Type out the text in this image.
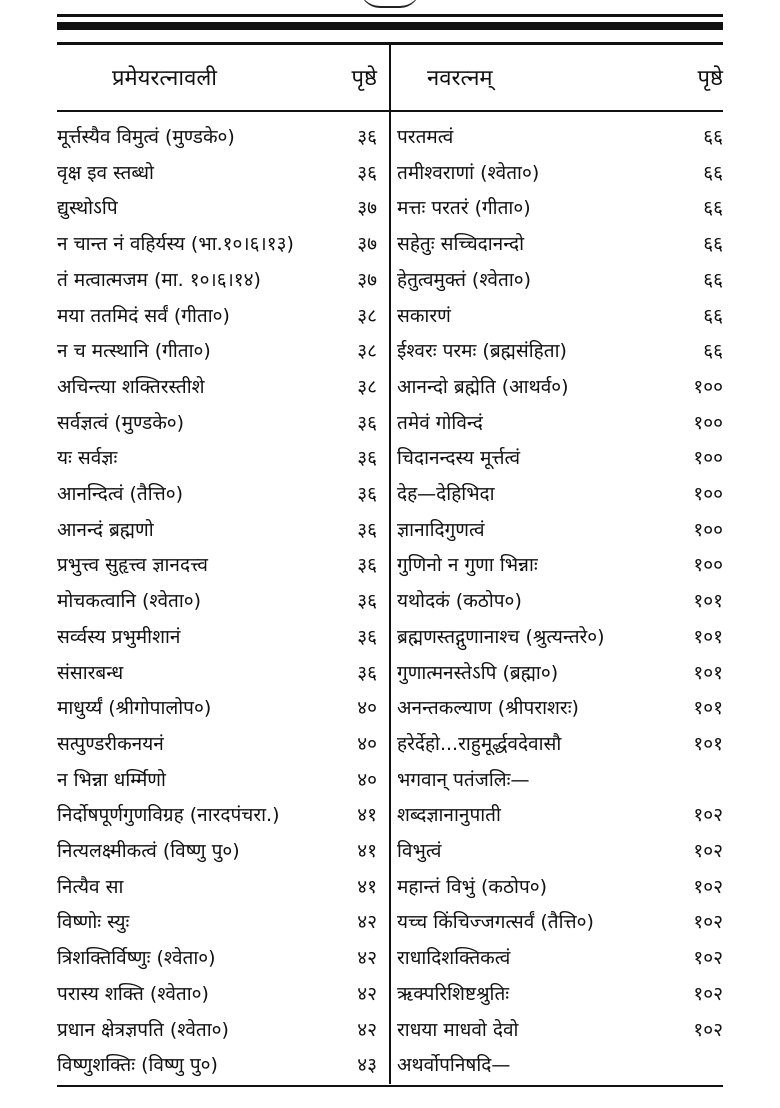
प्रमेयरत्नावली	पृष्ठे	नवरत्नम्	पृष्ठे
मूर्त्तस्यैव विमुत्वं (मुण्डके०)	३६ परतमत्वं	६६
वृक्ष इव स्तब्धो	३६ तमीश्वराणां (श्वेता०)	६६
द्युस्थोऽपि	३७ मत्तः परतरं (गीता०)	६६
न चान्त नं वहिर्यस्य (भा.१०।६।१३)	३७ सहेतुः सच्चिदानन्दो	६६
तं मत्वात्मजम (मा. १०।६।१४)	३७ हेतुत्वमुक्तं (श्वेता०)	६६
मया ततमिदं सर्वं (गीता०)	३८ सकारणं	६६
न च मत्स्थानि (गीता०)	३८ ईश्वरः परमः (ब्रह्मसंहिता)	६६
अचिन्त्या शक्तिरस्तीशे	३८ आनन्दो ब्रह्मेति (आथर्व०)	१००
सर्वज्ञत्वं (मुण्डके०)	३६ तमेवं गोविन्दं	१००
यः सर्वज्ञः	३६ चिदानन्दस्य मूर्त्तत्वं	१००
आनन्दित्वं (तैत्ति०)	३६ देह—देहिभिदा	१००
आनन्दं ब्रह्मणो	३६ ज्ञानादिगुणत्वं	१००
प्रभुत्त्व सुहृत्त्व ज्ञानदत्त्व	३६ गुणिनो न गुणा भिन्नाः	१००
मोचकत्वानि (श्वेता०)	३६ यथोदकं (कठोप०)	१०१
सर्व्वस्य प्रभुमीशानं	३६ ब्रह्मणस्तद्गुणानाश्च (श्रुत्यन्तरे०)	१०१
संसारबन्ध	३६ गुणात्मनस्तेऽपि (ब्रह्मा०)	१०१
माधुर्य्यं (श्रीगोपालोप०)	४० अनन्तकल्याण (श्रीपराशरः)	१०१
सत्पुण्डरीकनयनं	४० हरेर्देहो...राहुमूर्द्धवदेवासौ	१०१
न भिन्ना धर्म्मिणो	४० भगवान् पतंजलिः—
निर्दोषपूर्णगुणविग्रह (नारदपंचरा.)	४१ शब्दज्ञानानुपाती	१०२
नित्यलक्ष्मीकत्वं (विष्णु पु०)	४१ विभुत्वं	१०२
नित्यैव सा	४१ महान्तं विभुं (कठोप०)	१०२
विष्णोः स्युः	४२ यच्च किंचिज्जगत्सर्वं (तैत्ति०)	१०२
त्रिशक्तिर्विष्णुः (श्वेता०)	४२ राधादिशक्तिकत्वं	१०२
परास्य शक्ति (श्वेता०)	४२ ऋक्परिशिष्टश्रुतिः	१०२
प्रधान क्षेत्रज्ञपति (श्वेता०)	४२ राधया माधवो देवो	१०२
विष्णुशक्तिः (विष्णु पु०)	४३ अथर्वोपनिषदि—
